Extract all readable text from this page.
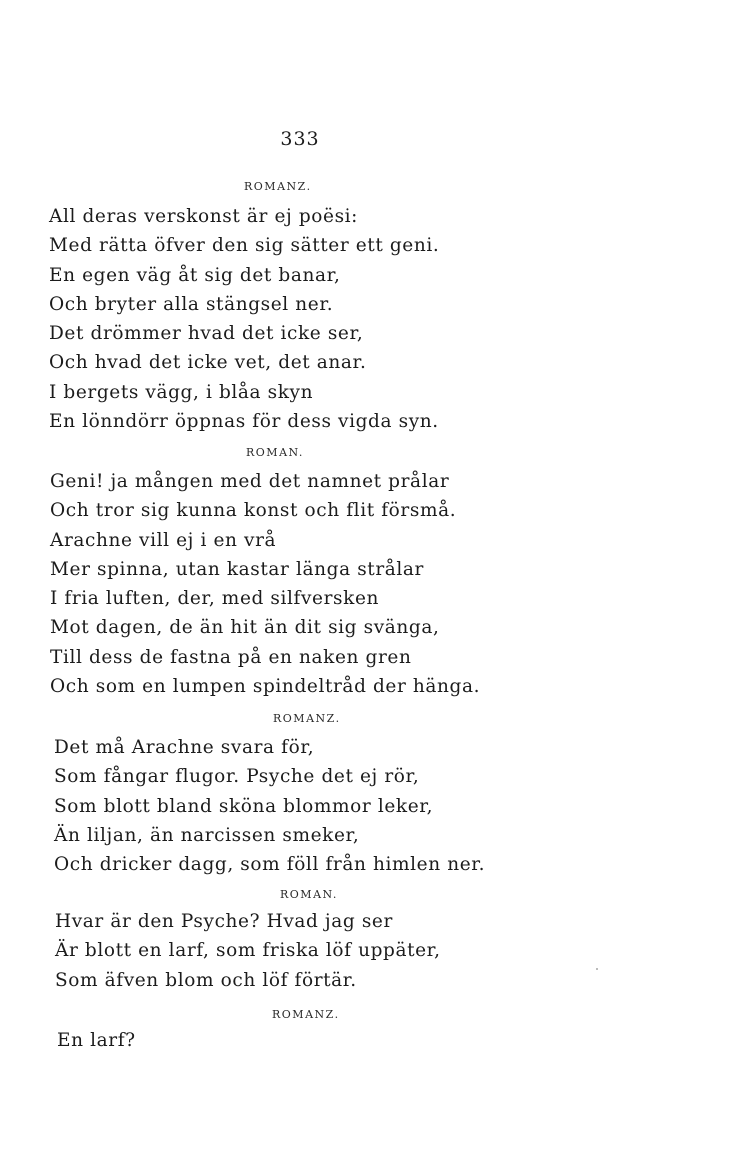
333
ROMANZ.
All deras verskonst är ej poësi:
Med rätta öfver den sig sätter ett geni.
En egen väg åt sig det banar,
Och bryter alla stängsel ner.
Det drömmer hvad det icke ser,
Och hvad det icke vet, det anar.
I bergets vägg, i blåa skyn
En lönndörr öppnas för dess vigda syn.
ROMAN.
Geni! ja mången med det namnet prålar
Och tror sig kunna konst och flit försmå.
Arachne vill ej i en vrå
Mer spinna, utan kastar länga strålar
I fria luften, der, med silfversken
Mot dagen, de än hit än dit sig svänga,
Till dess de fastna på en naken gren
Och som en lumpen spindeltråd der hänga.
ROMANZ.
Det må Arachne svara för,
Som fångar flugor. Psyche det ej rör,
Som blott bland sköna blommor leker,
Än liljan, än narcissen smeker,
Och dricker dagg, som föll från himlen ner.
ROMAN.
Hvar är den Psyche? Hvad jag ser
Är blott en larf, som friska löf uppäter,
Som äfven blom och löf förtär.
ROMANZ.
En larf?
